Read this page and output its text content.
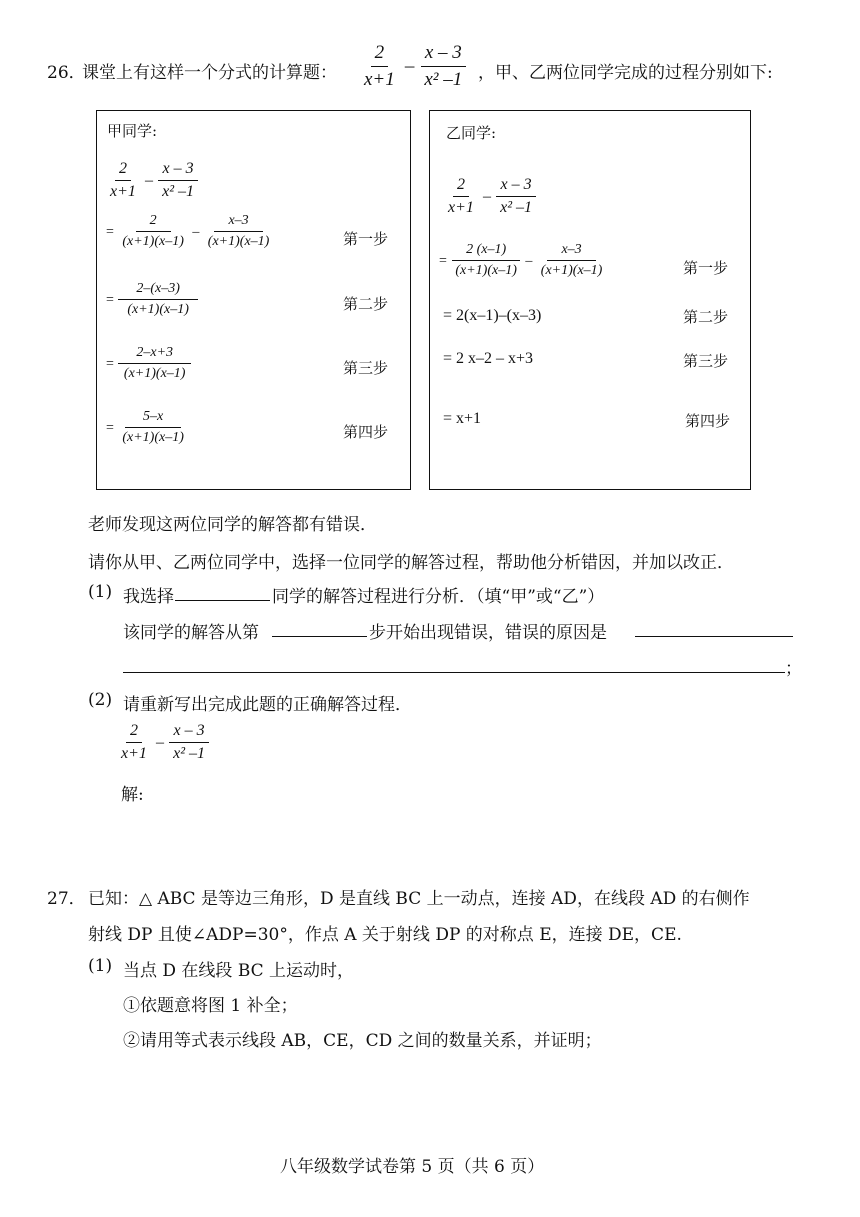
26．
课堂上有这样一个分式的计算题： $\frac{2}{x+1} - \frac{x - 3}{\text{x² –1}}$ ，甲、乙两位同学完成的过程分别如下:
甲同学:
$\frac{2}{x+1} - \frac{x - 3}{\text{x² –1}}$
= $\frac{2}{(x+1)(x-1)} - \frac{x-3}{(x+1)(x-1)}$	第一步
= $\frac{2-(x-3)}{(x+1)(x-1)}$	第二步
= $\frac{2-x+3}{(x+1)(x-1)}$	第三步
= $\frac{5-x}{(x+1)(x-1)}$	第四步
乙同学:
$\frac{2}{x+1} - \frac{x - 3}{\text{x² –1}}$
= $\frac{2 (x-1)}{(x+1)(x-1)} - \frac{x-3}{(x+1)(x-1)}$	第一步
= 2(x–1)–(x–3)	第二步
= 2 x–2 – x+3	第三步
= x+1	第四步
老师发现这两位同学的解答都有错误．
请你从甲、乙两位同学中，选择一位同学的解答过程，帮助他分析错因，并加以改正．
(1) 我选择	同学的解答过程进行分析．（填“甲”或“乙”）
该同学的解答从第	步开始出现错误，错误的原因是
；
(2) 请重新写出完成此题的正确解答过程．
$\frac{2}{x+1} - \frac{x - 3}{\text{x² –1}}$
解:
27． 已知：△ ABC 是等边三角形，D 是直线 BC 上一动点，连接 AD，在线段 AD 的右侧作
射线 DP 且使∠ADP=30°，作点 A 关于射线 DP 的对称点 E，连接 DE，CE.
(1) 当点 D 在线段 BC 上运动时，
①依题意将图 1 补全；
②请用等式表示线段 AB，CE，CD 之间的数量关系，并证明；
八年级数学试卷第 5 页（共 6 页）
